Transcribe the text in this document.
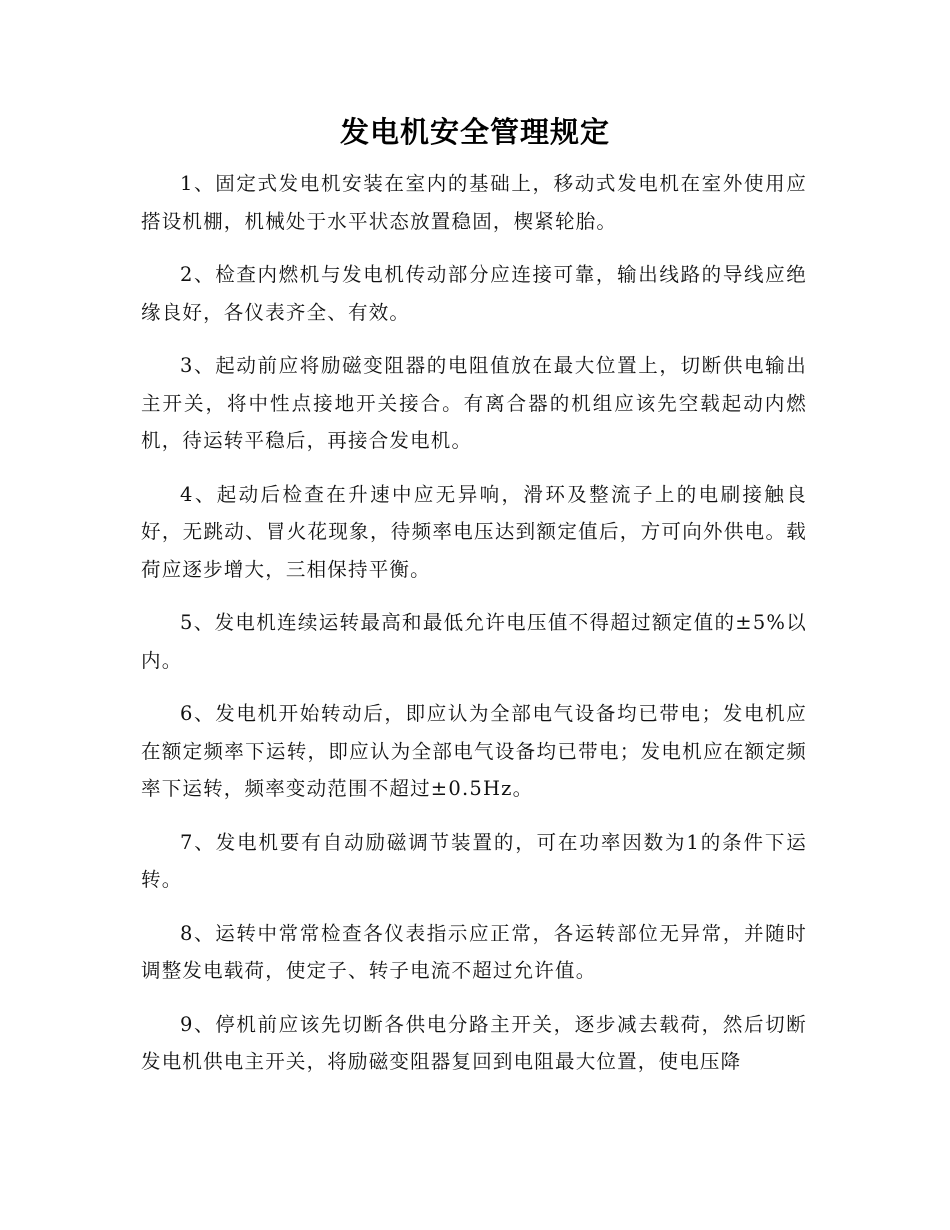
发电机安全管理规定

1、固定式发电机安装在室内的基础上，移动式发电机在室外使用应搭设机棚，机械处于水平状态放置稳固，楔紧轮胎。

2、检查内燃机与发电机传动部分应连接可靠，输出线路的导线应绝缘良好，各仪表齐全、有效。

3、起动前应将励磁变阻器的电阻值放在最大位置上，切断供电输出主开关，将中性点接地开关接合。有离合器的机组应该先空载起动内燃机，待运转平稳后，再接合发电机。

4、起动后检查在升速中应无异响，滑环及整流子上的电刷接触良好，无跳动、冒火花现象，待频率电压达到额定值后，方可向外供电。载荷应逐步增大，三相保持平衡。

5、发电机连续运转最高和最低允许电压值不得超过额定值的±5%以内。

6、发电机开始转动后，即应认为全部电气设备均已带电；发电机应在额定频率下运转，即应认为全部电气设备均已带电；发电机应在额定频率下运转，频率变动范围不超过±0.5Hz。

7、发电机要有自动励磁调节装置的，可在功率因数为1的条件下运转。

8、运转中常常检查各仪表指示应正常，各运转部位无异常，并随时调整发电载荷，使定子、转子电流不超过允许值。

9、停机前应该先切断各供电分路主开关，逐步减去载荷，然后切断发电机供电主开关，将励磁变阻器复回到电阻最大位置，使电压降
